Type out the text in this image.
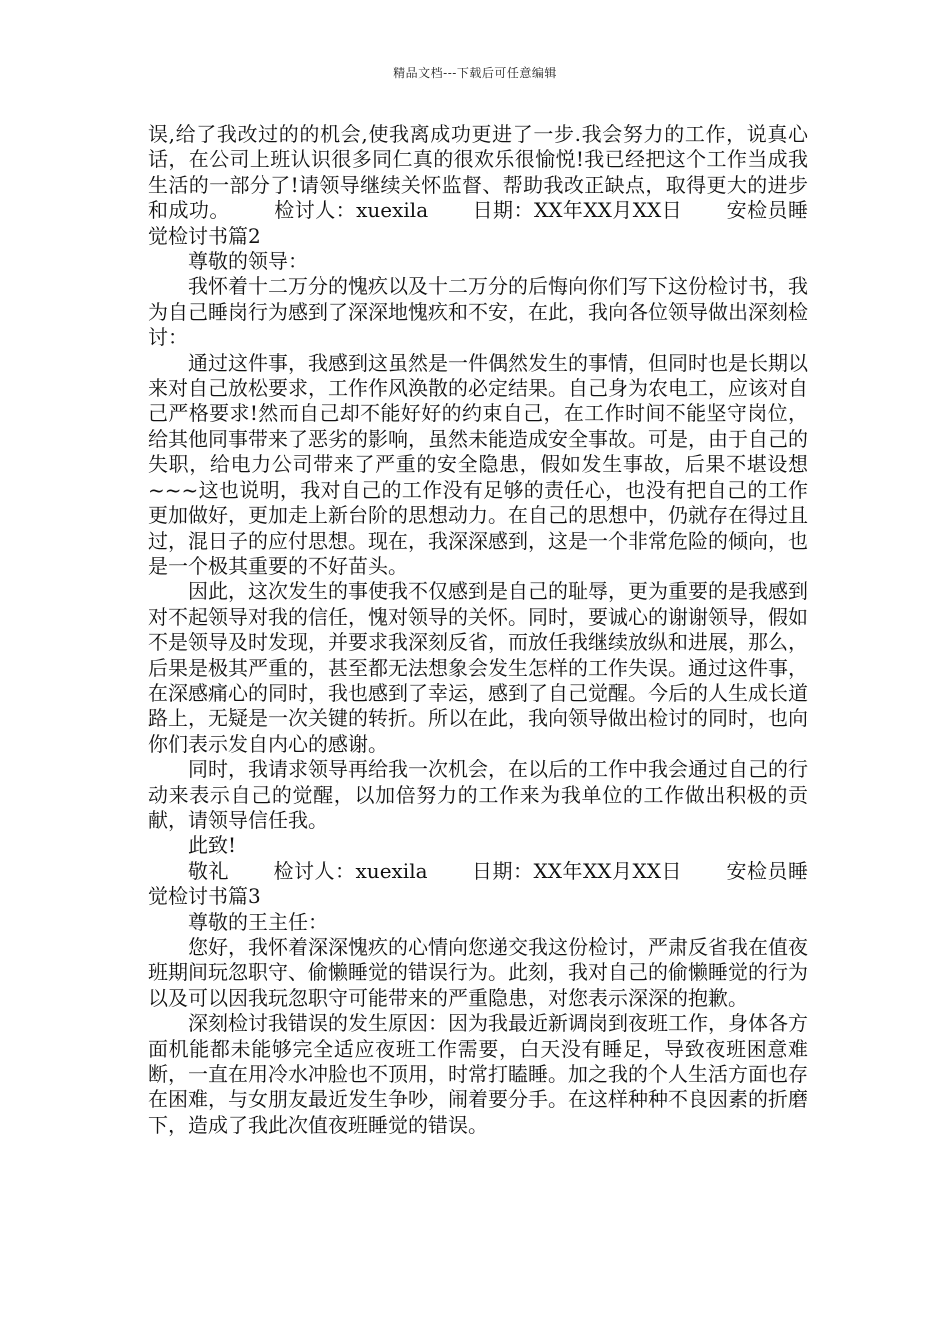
精品文档---下载后可任意编辑

误,给了我改过的的机会,使我离成功更进了一步.我会努力的工作，说真心话，在公司上班认识很多同仁真的很欢乐很愉悦!我已经把这个工作当成我生活的一部分了!请领导继续关怀监督、帮助我改正缺点，取得更大的进步和成功。 检讨人：xuexila 日期：XX年XX月XX日 安检员睡觉检讨书篇2

尊敬的领导：

我怀着十二万分的愧疚以及十二万分的后悔向你们写下这份检讨书，我为自己睡岗行为感到了深深地愧疚和不安，在此，我向各位领导做出深刻检讨：

通过这件事，我感到这虽然是一件偶然发生的事情，但同时也是长期以来对自己放松要求，工作作风涣散的必定结果。自己身为农电工，应该对自己严格要求!然而自己却不能好好的约束自己，在工作时间不能坚守岗位，给其他同事带来了恶劣的影响，虽然未能造成安全事故。可是，由于自己的失职，给电力公司带来了严重的安全隐患，假如发生事故，后果不堪设想~~~这也说明，我对自己的工作没有足够的责任心，也没有把自己的工作更加做好，更加走上新台阶的思想动力。在自己的思想中，仍就存在得过且过，混日子的应付思想。现在，我深深感到，这是一个非常危险的倾向，也是一个极其重要的不好苗头。

因此，这次发生的事使我不仅感到是自己的耻辱，更为重要的是我感到对不起领导对我的信任，愧对领导的关怀。同时，要诚心的谢谢领导，假如不是领导及时发现，并要求我深刻反省，而放任我继续放纵和进展，那么，后果是极其严重的，甚至都无法想象会发生怎样的工作失误。通过这件事，在深感痛心的同时，我也感到了幸运，感到了自己觉醒。今后的人生成长道路上，无疑是一次关键的转折。所以在此，我向领导做出检讨的同时，也向你们表示发自内心的感谢。

同时，我请求领导再给我一次机会，在以后的工作中我会通过自己的行动来表示自己的觉醒，以加倍努力的工作来为我单位的工作做出积极的贡献，请领导信任我。

此致!

敬礼 检讨人：xuexila 日期：XX年XX月XX日 安检员睡觉检讨书篇3

尊敬的王主任：

您好，我怀着深深愧疚的心情向您递交我这份检讨，严肃反省我在值夜班期间玩忽职守、偷懒睡觉的错误行为。此刻，我对自己的偷懒睡觉的行为以及可以因我玩忽职守可能带来的严重隐患，对您表示深深的抱歉。

深刻检讨我错误的发生原因：因为我最近新调岗到夜班工作，身体各方面机能都未能够完全适应夜班工作需要，白天没有睡足，导致夜班困意难断，一直在用冷水冲脸也不顶用，时常打瞌睡。加之我的个人生活方面也存在困难，与女朋友最近发生争吵，闹着要分手。在这样种种不良因素的折磨下，造成了我此次值夜班睡觉的错误。
